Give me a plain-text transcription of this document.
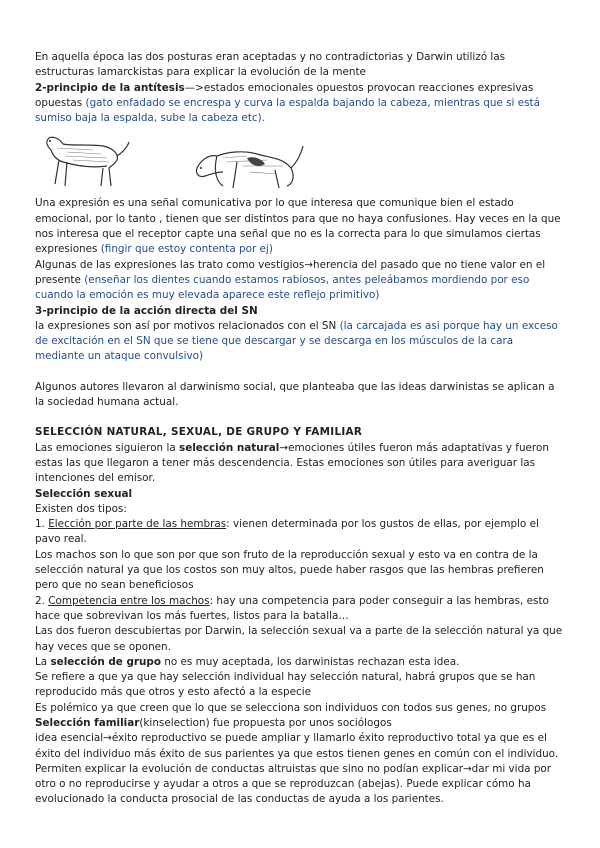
En aquella época las dos posturas eran aceptadas y no contradictorias y Darwin utilizó las estructuras lamarckistas para explicar la evolución de la mente

2-principio de la antítesis—>estados emocionales opuestos provocan reacciones expresivas opuestas (gato enfadado se encrespa y curva la espalda bajando la cabeza, mientras que si está sumiso baja la espalda, sube la cabeza etc).

Una expresión es una señal comunicativa por lo que interesa que comunique bien el estado emocional, por lo tanto , tienen que ser distintos para que no haya confusiones. Hay veces en la que nos interesa que el receptor capte una señal que no es la correcta para lo que simulamos ciertas expresiones (fingir que estoy contenta por ej)

Algunas de las expresiones las trato como vestigios→herencia del pasado que no tiene valor en el presente (enseñar los dientes cuando estamos rabiosos, antes peleábamos mordiendo por eso cuando la emoción es muy elevada aparece este reflejo primitivo)

3-principio de la acción directa del SN

la expresiones son así por motivos relacionados con el SN (la carcajada es asi porque hay un exceso de excitación en el SN que se tiene que descargar y se descarga en los músculos de la cara mediante un ataque convulsivo)

Algunos autores llevaron al darwinismo social, que planteaba que las ideas darwinistas se aplican a la sociedad humana actual.

SELECCIÓN NATURAL, SEXUAL, DE GRUPO Y FAMILIAR

Las emociones siguieron la selección natural→emociones útiles fueron más adaptativas y fueron estas las que llegaron a tener más descendencia. Estas emociones son útiles para averiguar las intenciones del emisor.

Selección sexual

Existen dos tipos:

1. Elección por parte de las hembras: vienen determinada por los gustos de ellas, por ejemplo el pavo real.

Los machos son lo que son por que son fruto de la reproducción sexual y esto va en contra de la selección natural ya que los costos son muy altos, puede haber rasgos que las hembras prefieren pero que no sean beneficiosos

2. Competencia entre los machos: hay una competencia para poder conseguir a las hembras, esto hace que sobrevivan los más fuertes, listos para la batalla…

Las dos fueron descubiertas por Darwin, la selección sexual va a parte de la selección natural ya que hay veces que se oponen.

La selección de grupo no es muy aceptada, los darwinistas rechazan esta idea.

Se refiere a que ya que hay selección individual hay selección natural, habrá grupos que se han reproducido más que otros y esto afectó a la especie

Es polémico ya que creen que lo que se selecciona son individuos con todos sus genes, no grupos

Selección familiar(kinselection) fue propuesta por unos sociólogos

idea esencial→éxito reproductivo se puede ampliar y llamarlo éxito reproductivo total ya que es el éxito del individuo más éxito de sus parientes ya que estos tienen genes en común con el individuo.

Permiten explicar la evolución de conductas altruistas que sino no podían explicar→dar mi vida por otro o no reproducirse y ayudar a otros a que se reproduzcan (abejas). Puede explicar cómo ha evolucionado la conducta prosocial de las conductas de ayuda a los parientes.
